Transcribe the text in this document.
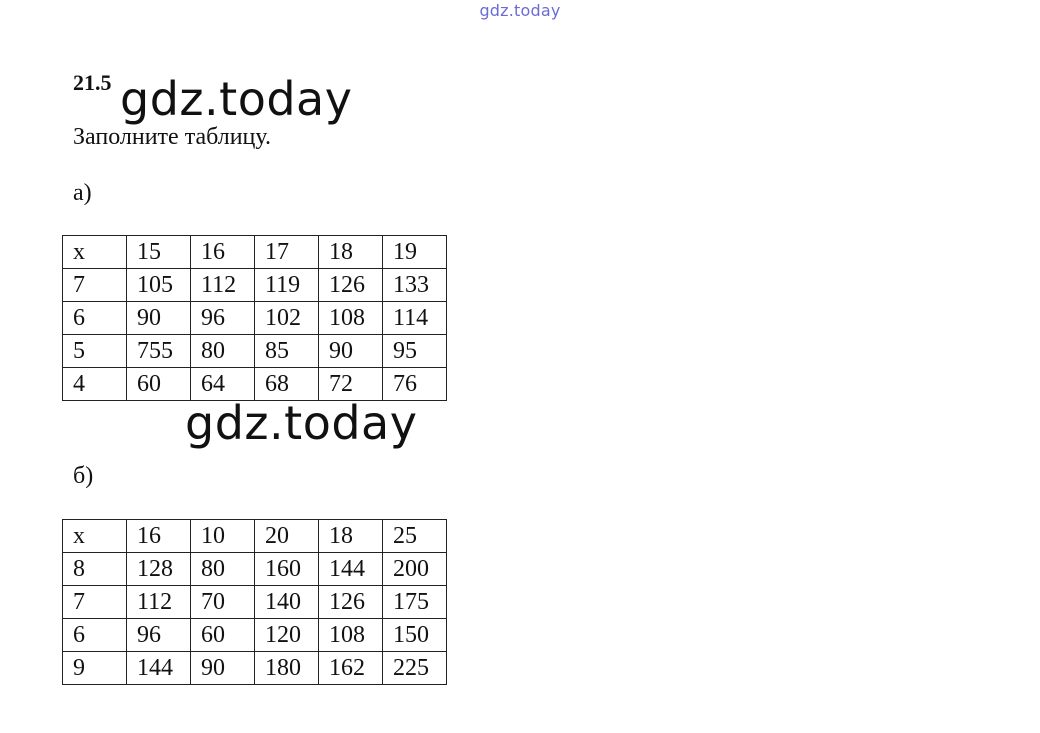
gdz.today
21.5 gdz.today
Заполните таблицу.
а)
x	15	16	17	18	19
7	105	112	119	126	133
6	90	96	102	108	114
5	755	80	85	90	95
4	60	64	68	72	76
gdz.today
б)
x	16	10	20	18	25
8	128	80	160	144	200
7	112	70	140	126	175
6	96	60	120	108	150
9	144	90	180	162	225
